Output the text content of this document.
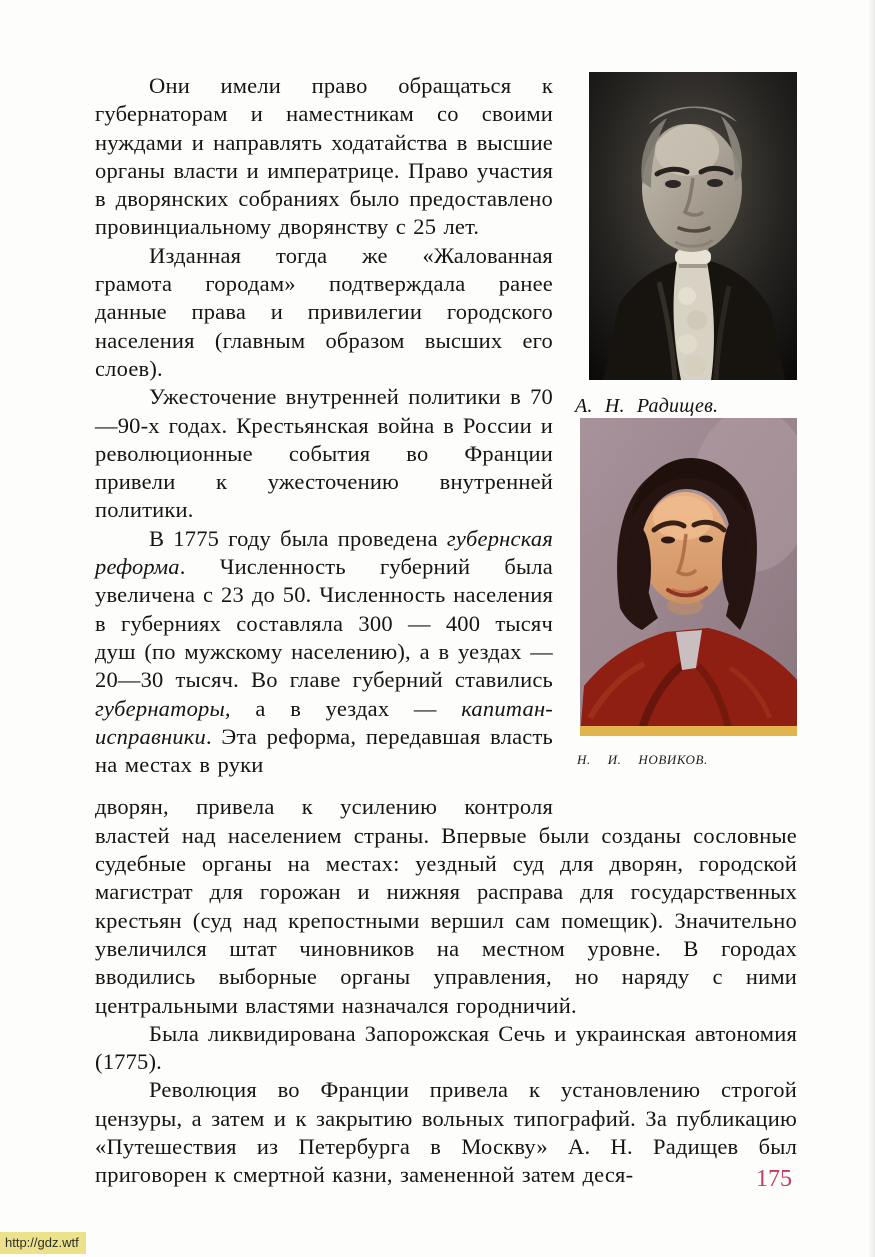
А. Н. Радищев.
Н. И. НОВИКОВ.

Они имели право обращаться к губернаторам и наместникам со своими нуждами и направлять ходатайства в высшие органы власти и императрице. Право участия в дворянских собраниях было предоставлено провинциальному дворянству с 25 лет.

Изданная тогда же «Жалованная грамота городам» подтверждала ранее данные права и привилегии городского населения (главным образом высших его слоев).

Ужесточение внутренней политики в 70—90-х годах. Крестьянская война в России и революционные события во Франции привели к ужесточению внутренней политики.

В 1775 году была проведена губернская реформа. Численность губерний была увеличена с 23 до 50. Численность населения в губерниях составляла 300 — 400 тысяч душ (по мужскому населению), а в уездах — 20—30 тысяч. Во главе губерний ставились губернаторы, а в уездах — капитан-исправники. Эта реформа, передавшая власть на местах в руки

дворян, привела к усилению контроля властей над населением страны. Впервые были созданы сословные судебные органы на местах: уездный суд для дворян, городской магистрат для горожан и нижняя расправа для государственных крестьян (суд над крепостными вершил сам помещик). Значительно увеличился штат чиновников на местном уровне. В городах вводились выборные органы управления, но наряду с ними центральными властями назначался городничий.

Была ликвидирована Запорожская Сечь и украинская автономия (1775).

Революция во Франции привела к установлению строгой цензуры, а затем и к закрытию вольных типографий. За публикацию «Путешествия из Петербурга в Москву» А. Н. Радищев был приговорен к смертной казни, замененной затем деся-	175
http://gdz.wtf
